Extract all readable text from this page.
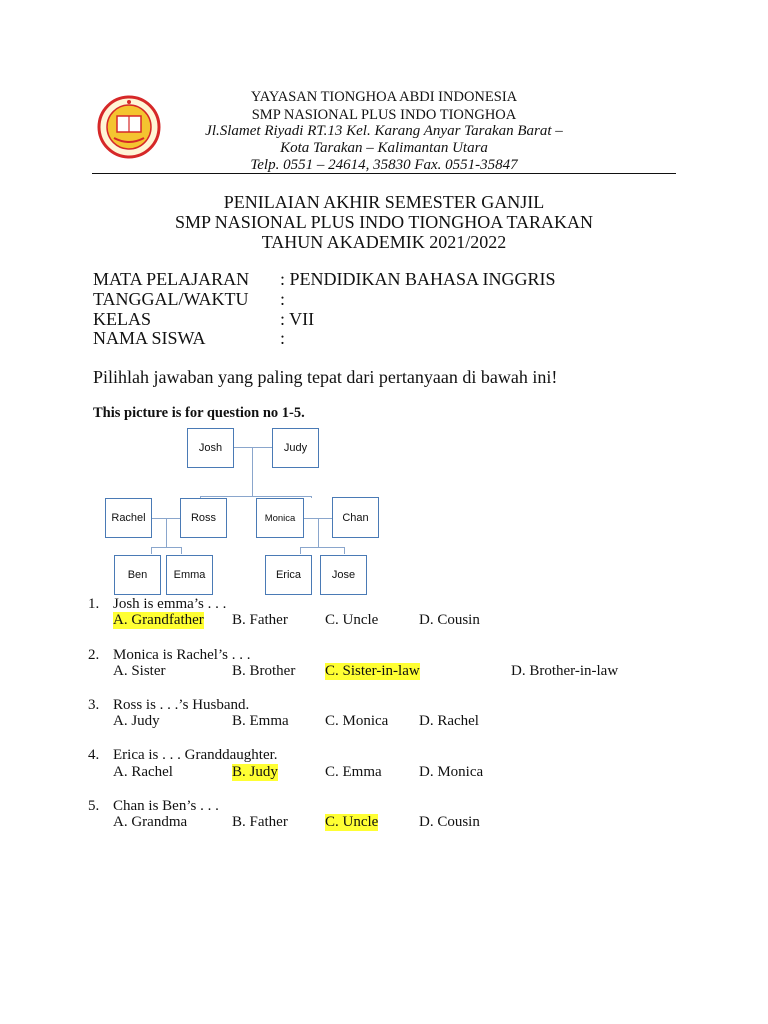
YAYASAN TIONGHOA ABDI INDONESIA
SMP NASIONAL PLUS INDO TIONGHOA
Jl.Slamet Riyadi RT.13 Kel. Karang Anyar Tarakan Barat –
Kota Tarakan – Kalimantan Utara
Telp. 0551 – 24614, 35830 Fax. 0551-35847
PENILAIAN AKHIR SEMESTER GANJIL
SMP NASIONAL PLUS INDO TIONGHOA TARAKAN
TAHUN AKADEMIK 2021/2022
MATA PELAJARAN : PENDIDIKAN BAHASA INGGRIS
TANGGAL/WAKTU :
KELAS	: VII
NAMA SISWA	:
Pilihlah jawaban yang paling tepat dari pertanyaan di bawah ini!
This picture is for question no 1-5.
Josh	Judy
Rachel	Ross	Monica	Chan
Ben	Emma	Erica	Jose
1. Josh is emma’s . . .
A. Grandfather B. Father C. Uncle	D. Cousin
2. Monica is Rachel’s . . .
A. Sister	B. Brother C. Sister-in-law	D. Brother-in-law
3. Ross is . . .’s Husband.
A. Judy	B. Emma C. Monica D. Rachel
4. Erica is . . . Granddaughter.
A. Rachel	B. Judy	C. Emma D. Monica
5. Chan is Ben’s . . .
A. Grandma	B. Father C. Uncle	D. Cousin
